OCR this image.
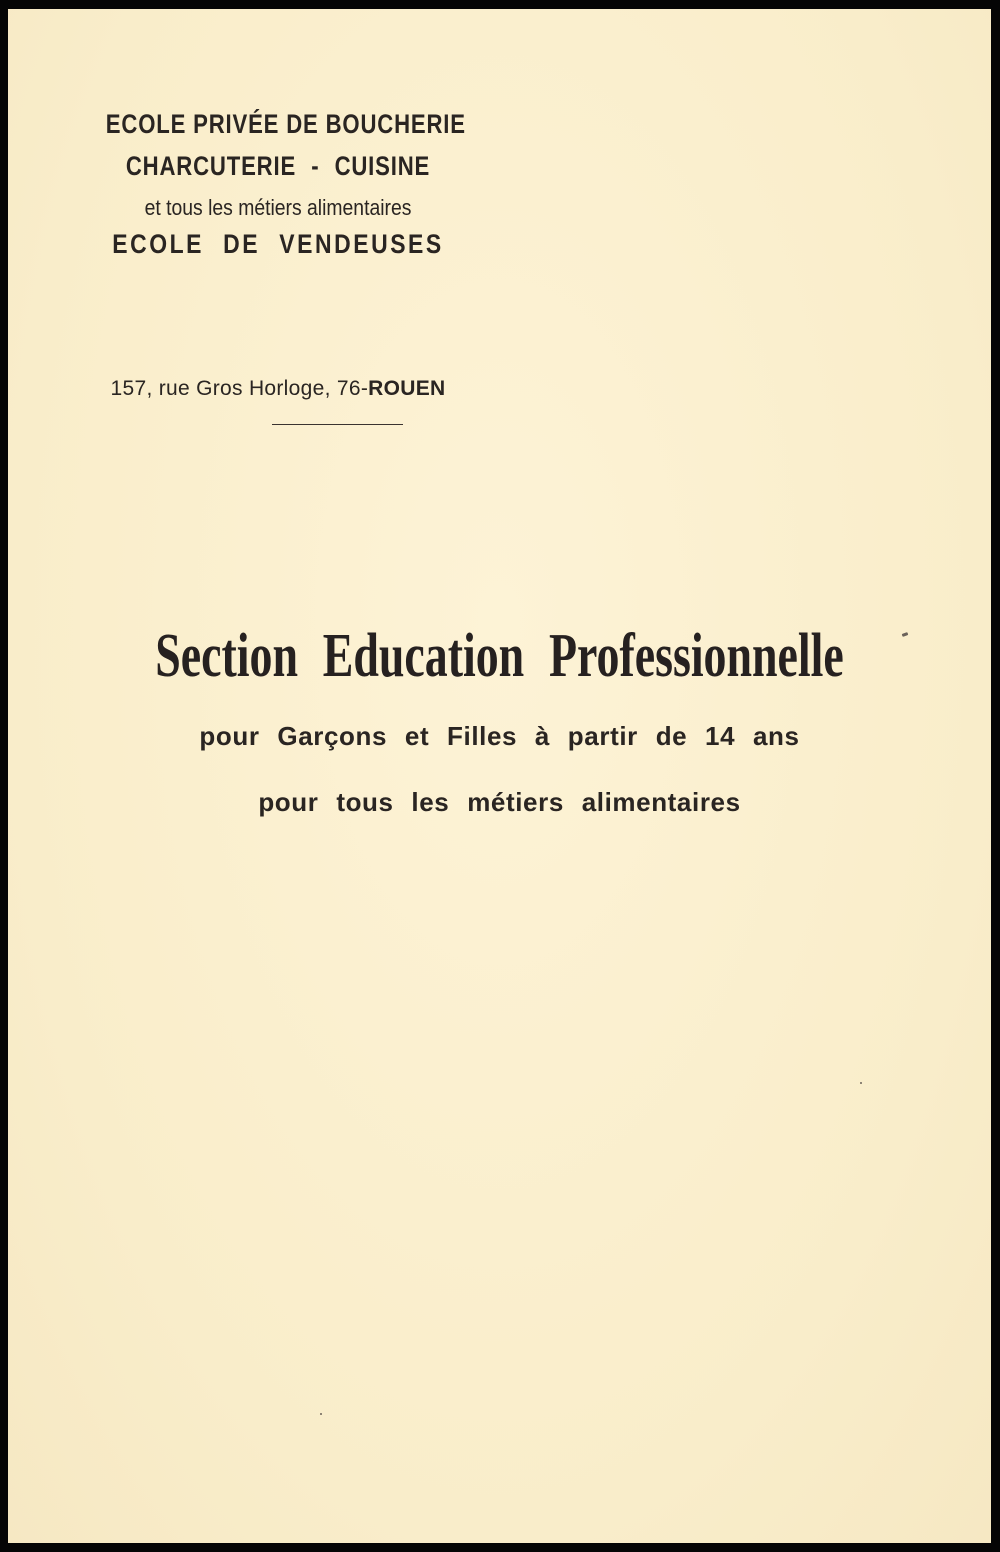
ECOLE PRIVÉE DE BOUCHERIE
CHARCUTERIE - CUISINE
et tous les métiers alimentaires
ECOLE DE VENDEUSES
157, rue Gros Horloge, 76-ROUEN
Section Education Professionnelle
pour Garçons et Filles à partir de 14 ans
pour tous les métiers alimentaires
